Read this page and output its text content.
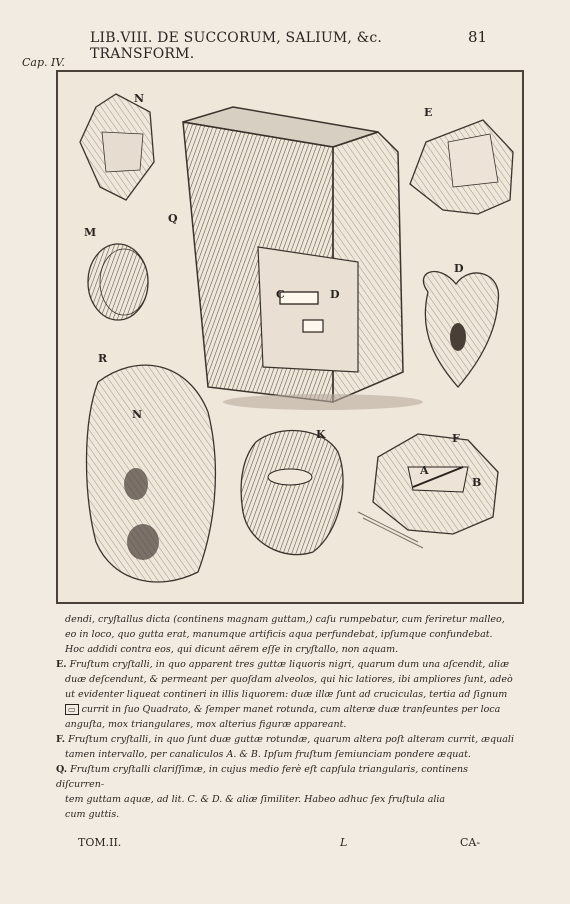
LIB.VIII. DE SUCCORUM, SALIUM, &c. TRANSFORM.
81
Cap. IV.
N
E
M
Q
D
C	D
R
N
K	F
A
B

dendi, cryſtallus dicta (continens magnam guttam,) caſu rumpebatur, cum feriretur malleo,

eo in loco, quo gutta erat, manumque artificis aqua perfundebat, ipſumque confundebat.

Hoc addidi contra eos, qui dicunt aërem eſſe in cryſtallo, non aquam.

E. Fruſtum cryſtalli, in quo apparent tres guttæ liquoris nigri, quarum dum una aſcendit, aliæ

duæ deſcendunt, & permeant per quoſdam alveolos, qui hic latiores, ibi ampliores ſunt, adeò

ut evidenter liqueat contineri in illis liquorem: duæ illæ ſunt ad cruciculas, tertia ad ſignum

▭ currit in ſuo Quadrato, & ſemper manet rotunda, cum alteræ duæ tranſeuntes per loca

anguſta, mox triangulares, mox alterius figuræ appareant.

F. Fruſtum cryſtalli, in quo ſunt duæ guttæ rotundæ, quarum altera poſt alteram currit, æquali

tamen intervallo, per canaliculos A. & B. Ipſum fruſtum ſemiunciam pondere æquat.

Q. Fruſtum cryſtalli clariſſimæ, in cujus medio ferè eſt capſula triangularis, continens diſcurren-

tem guttam aquæ, ad lit. C. & D. & aliæ ſimiliter. Habeo adhuc ſex fruſtula alia

cum guttis.

TOM.II.	L	CA-
